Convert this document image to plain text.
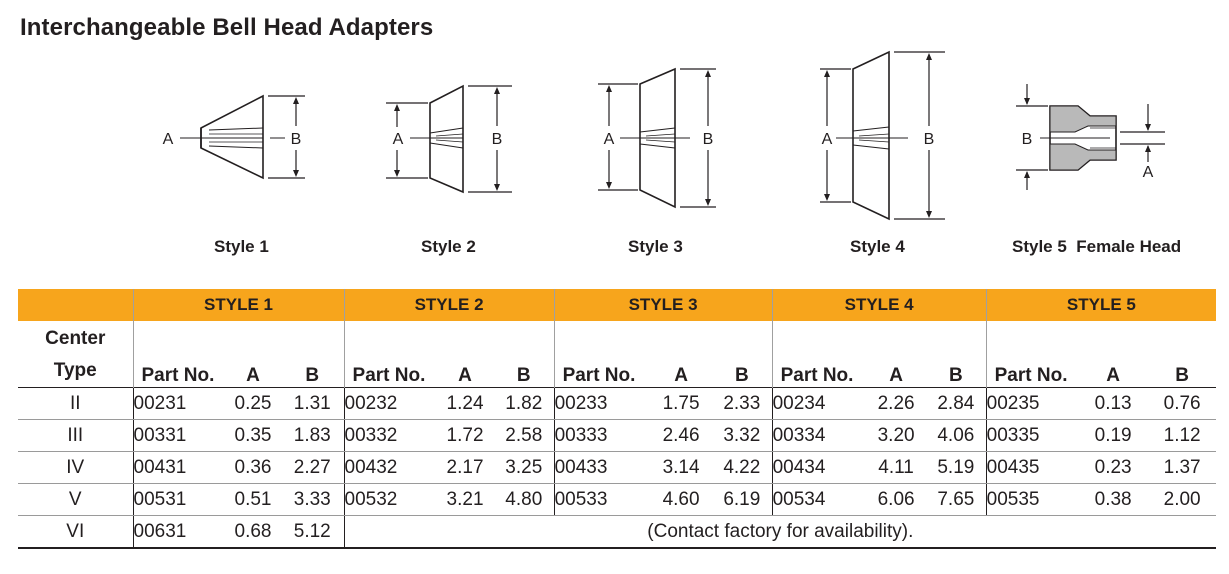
Interchangeable Bell Head Adapters
A	B	A	B	A	B	A	B	B
A
Style 1	Style 2	Style 3	Style 4	Style 5  Female Head
	STYLE 1			STYLE 2			STYLE 3			STYLE 4			STYLE 5		
Center
Type	Part No.	A	B	Part No.	A	B	Part No.	A	B	Part No.	A	B	Part No.	A	B
II	00231	0.25	1.31	00232	1.24	1.82	00233	1.75	2.33	00234	2.26	2.84	00235	0.13	0.76
III	00331	0.35	1.83	00332	1.72	2.58	00333	2.46	3.32	00334	3.20	4.06	00335	0.19	1.12
IV	00431	0.36	2.27	00432	2.17	3.25	00433	3.14	4.22	00434	4.11	5.19	00435	0.23	1.37
V	00531	0.51	3.33	00532	3.21	4.80	00533	4.60	6.19	00534	6.06	7.65	00535	0.38	2.00
VI	00631	0.68	5.12	(Contact factory for availability).											
